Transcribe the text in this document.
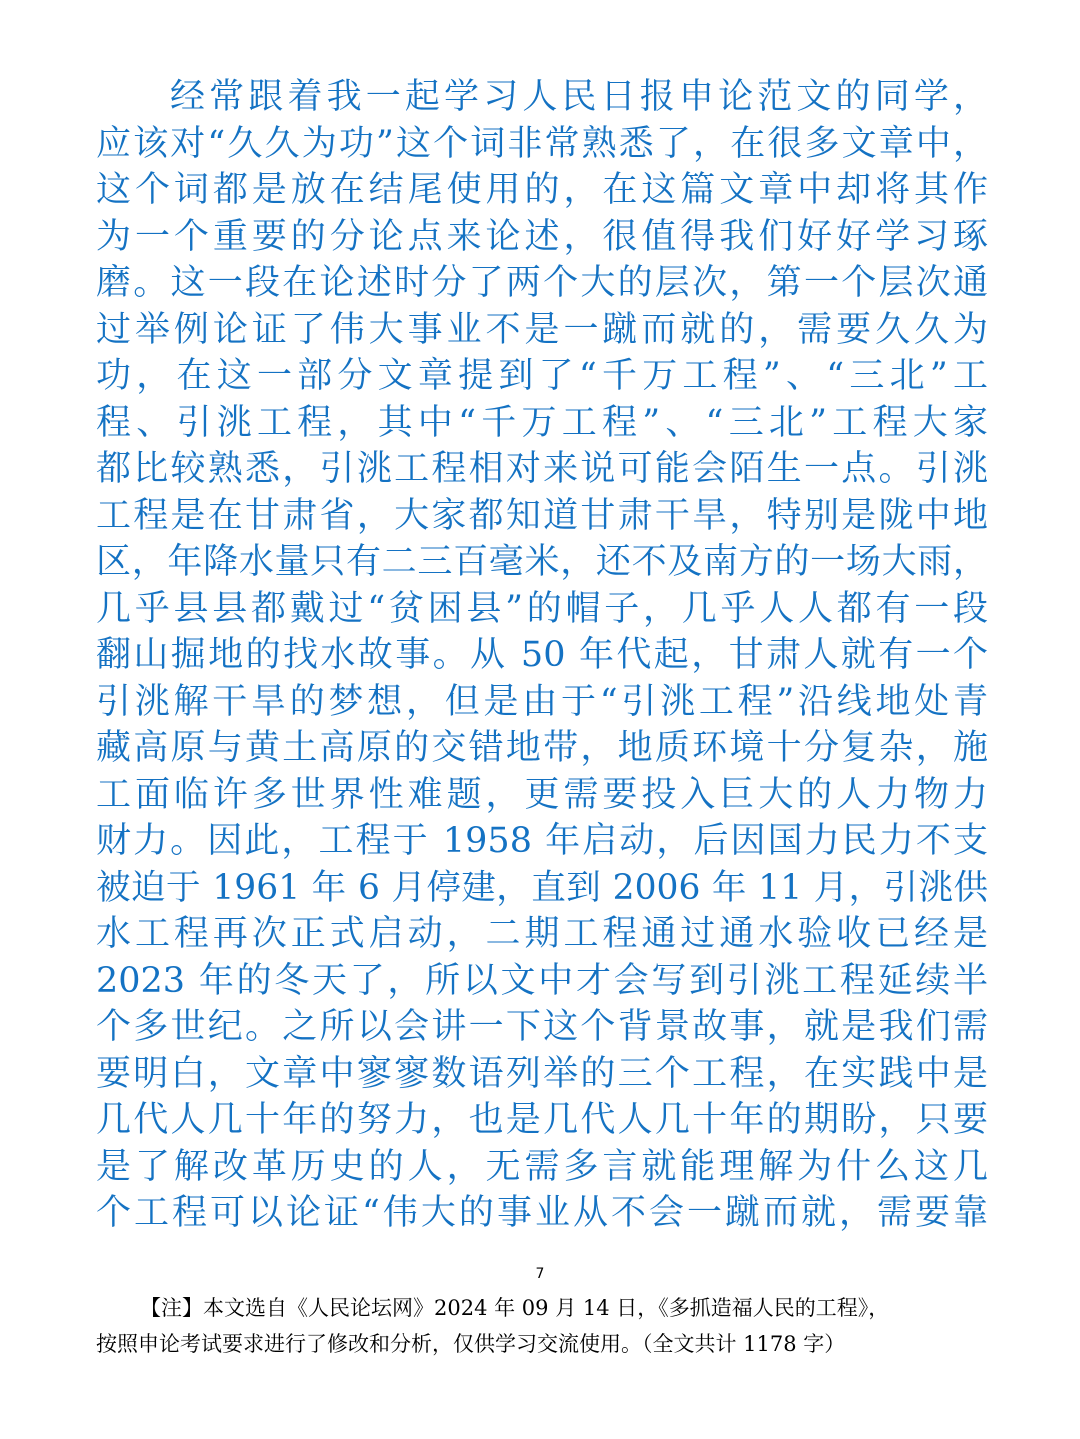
经常跟着我一起学习人民日报申论范文的同学，
应该对“久久为功”这个词非常熟悉了，在很多文章中，
这个词都是放在结尾使用的，在这篇文章中却将其作
为一个重要的分论点来论述，很值得我们好好学习琢
磨。这一段在论述时分了两个大的层次，第一个层次通
过举例论证了伟大事业不是一蹴而就的，需要久久为
功，在这一部分文章提到了“千万工程”、“三北”工
程、引洮工程，其中“千万工程”、“三北”工程大家
都比较熟悉，引洮工程相对来说可能会陌生一点。引洮
工程是在甘肃省，大家都知道甘肃干旱，特别是陇中地
区，年降水量只有二三百毫米，还不及南方的一场大雨，
几乎县县都戴过“贫困县”的帽子，几乎人人都有一段
翻山掘地的找水故事。从 50 年代起，甘肃人就有一个
引洮解干旱的梦想，但是由于“引洮工程”沿线地处青
藏高原与黄土高原的交错地带，地质环境十分复杂，施
工面临许多世界性难题，更需要投入巨大的人力物力
财力。因此，工程于 1958 年启动，后因国力民力不支
被迫于 1961 年 6 月停建，直到 2006 年 11 月，引洮供
水工程再次正式启动，二期工程通过通水验收已经是
2023 年的冬天了，所以文中才会写到引洮工程延续半
个多世纪。之所以会讲一下这个背景故事，就是我们需
要明白，文章中寥寥数语列举的三个工程，在实践中是
几代人几十年的努力，也是几代人几十年的期盼，只要
是了解改革历史的人，无需多言就能理解为什么这几
个工程可以论证“伟大的事业从不会一蹴而就，需要靠
7
【注】本文选自《人民论坛网》2024 年 09 月 14 日，《多抓造福人民的工程》，
按照申论考试要求进行了修改和分析，仅供学习交流使用。（全文共计 1178 字）
